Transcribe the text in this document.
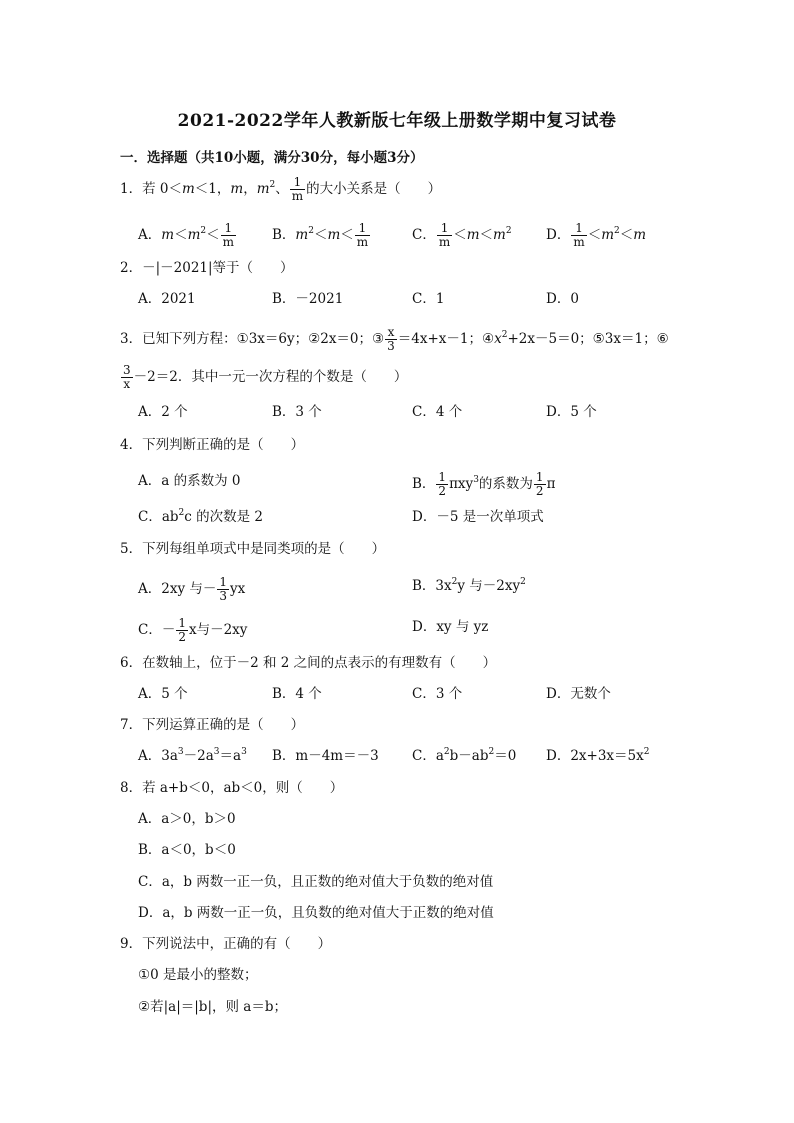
2021-2022学年人教新版七年级上册数学期中复习试卷
一．选择题（共10小题，满分30分，每小题3分）
1．若 0＜m＜1，m，$m^2$、 $\frac{1}{m}$ 的大小关系是（　　）
A．$m<m^2< \frac{1}{m}$	B．$m^2<m< \frac{1}{m}$	C． $\frac{1}{m} <m<m^2$	D． $\frac{1}{m} <m^2<m$
2．－|－2021|等于（　　）
A．2021	B．－2021	C．1	D．0
3．已知下列方程：①3x＝6y；②2x＝0；③ $\frac{x}{3} =4x+x-1$；$④x^2+2x-5=0$；⑤3x＝1；⑥
$\frac{3}{x} -2=2$．其中一元一次方程的个数是（　　）
A．2 个	B．3 个	C．4 个	D．5 个
4．下列判断正确的是（　　）
A．a 的系数为 0	B． $\frac{1}{2} \pi xy^3$的系数为 $\frac{1}{2}$ π
C．$ab^2c$ 的次数是 2	D．－5 是一次单项式
5．下列每组单项式中是同类项的是（　　）
A．2xy 与－ $\frac{1}{3}$ yx	B．$3x^2y$ 与$-2xy^2$
C．－ $\frac{1}{2}$ x与－2xy	D．xy 与 yz
6．在数轴上，位于－2 和 2 之间的点表示的有理数有（　　）
A．5 个	B．4 个	C．3 个	D．无数个
7．下列运算正确的是（　　）
A．$3a^3-2a^3=a^3$ B．m－4m＝－3 C．$a^2b-ab^2=0$ D．$2x+3x=5x^2$
8．若 a+b＜0，ab＜0，则（　　）
A．a＞0，b＞0
B．a＜0，b＜0
C．a，b 两数一正一负，且正数的绝对值大于负数的绝对值
D．a，b 两数一正一负，且负数的绝对值大于正数的绝对值
9．下列说法中，正确的有（　　）
①0 是最小的整数；
②若|a|＝|b|，则 a＝b；
